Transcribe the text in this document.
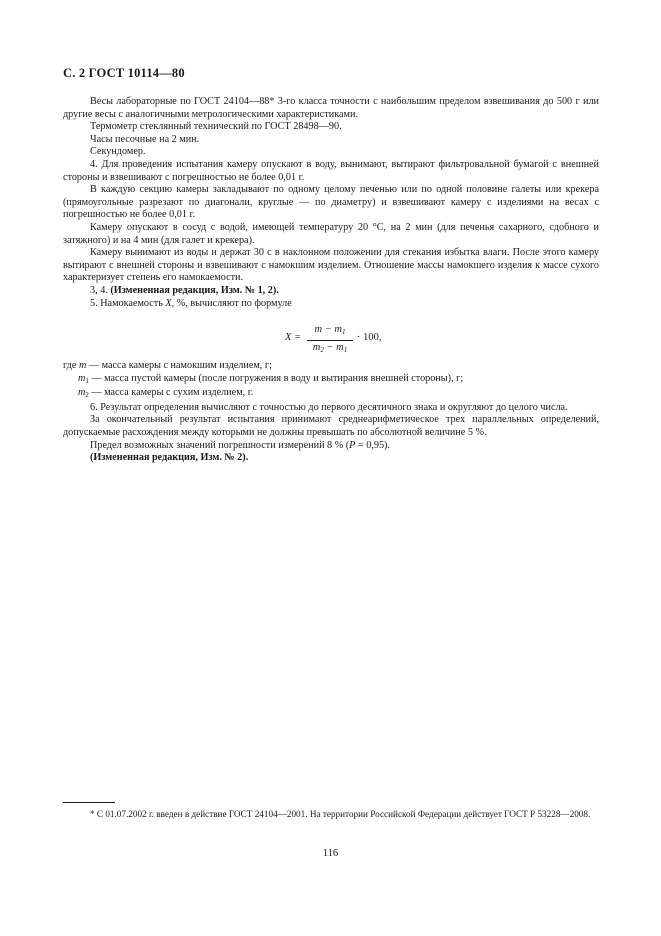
С. 2 ГОСТ 10114—80

Весы лабораторные по ГОСТ 24104—88* 3-го класса точности с наибольшим пределом взвешивания до 500 г или другие весы с аналогичными метрологическими характеристиками.

Термометр стеклянный технический по ГОСТ 28498—90.

Часы песочные на 2 мин.

Секундомер.

4. Для проведения испытания камеру опускают в воду, вынимают, вытирают фильтровальной бумагой с внешней стороны и взвешивают с погрешностью не более 0,01 г.

В каждую секцию камеры закладывают по одному целому печенью или по одной половине галеты или крекера (прямоугольные разрезают по диагонали, круглые — по диаметру) и взвешивают камеру с изделиями на весах с погрешностью не более 0,01 г.

Камеру опускают в сосуд с водой, имеющей температуру 20 °С, на 2 мин (для печенья сахарного, сдобного и затяжного) и на 4 мин (для галет и крекера).

Камеру вынимают из воды и держат 30 с в наклонном положении для стекания избытка влаги. После этого камеру вытирают с внешней стороны и взвешивают с намокшим изделием. Отношение массы намокшего изделия к массе сухого характеризует степень его намокаемости.

3, 4. (Измененная редакция, Изм. № 1, 2).

5. Намокаемость X, %, вычисляют по формуле

$X = \frac{m - m_1}{m_2 - m_1} \cdot 100$,

где m — масса камеры с намокшим изделием, г;

$m_1$ — масса пустой камеры (после погружения в воду и вытирания внешней стороны), г;

$m_2$ — масса камеры с сухим изделием, г.

6. Результат определения вычисляют с точностью до первого десятичного знака и округляют до целого числа.

За окончательный результат испытания принимают среднеарифметическое трех параллельных определений, допускаемые расхождения между которыми не должны превышать по абсолютной величине 5 %.

Предел возможных значений погрешности измерений 8 % (P = 0,95).

(Измененная редакция, Изм. № 2).

* С 01.07.2002 г. введен в действие ГОСТ 24104—2001. На территории Российской Федерации действует ГОСТ Р 53228—2008.
116
